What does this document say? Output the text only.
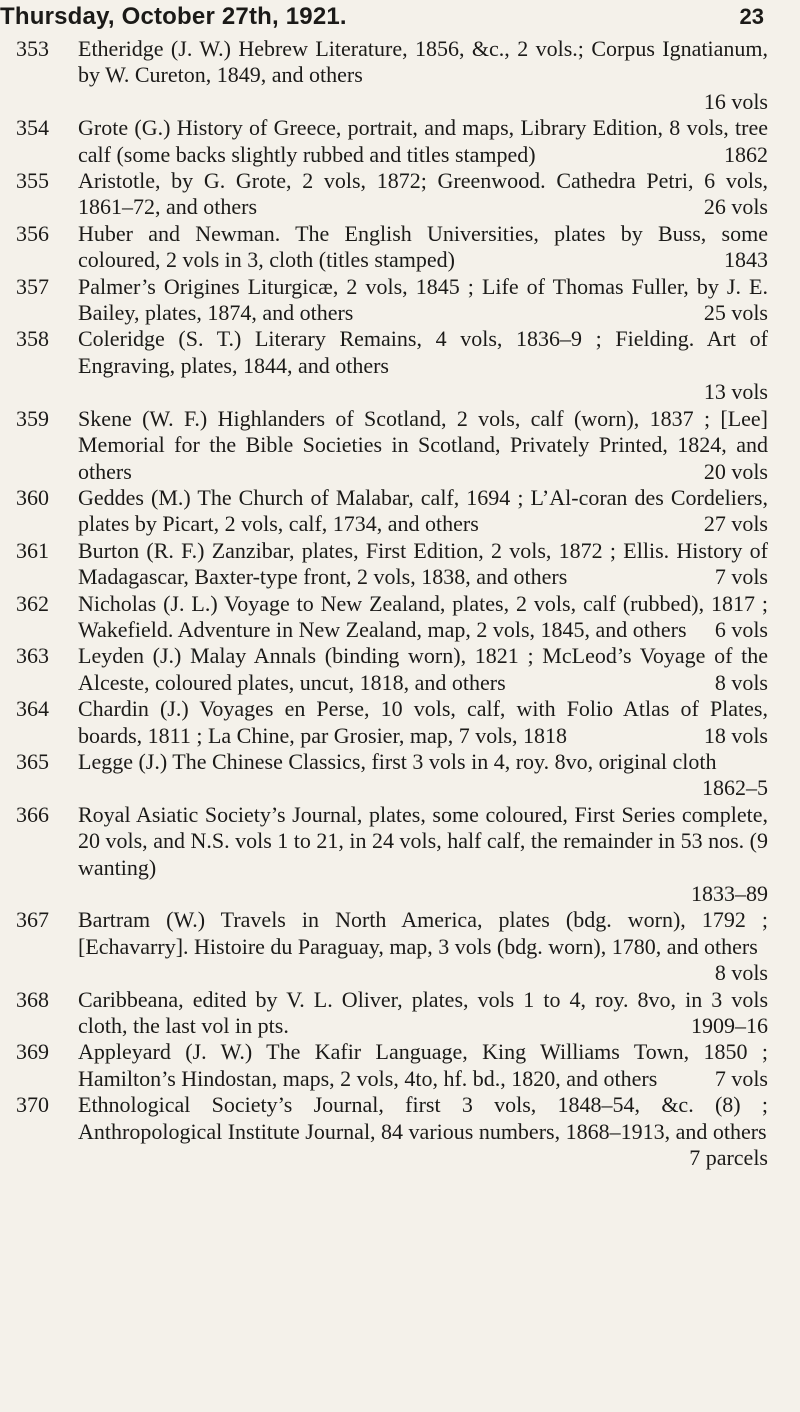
Thursday, October 27th, 1921.	23
353 Etheridge (J. W.) Hebrew Literature, 1856, &c., 2 vols.; Corpus Ignatianum, by W. Cureton, 1849, and others
16 vols
354 Grote (G.) History of Greece, portrait, and maps, Library Edition, 8 vols, tree calf (some backs slightly rubbed and titles stamped)	1862
355 Aristotle, by G. Grote, 2 vols, 1872; Greenwood. Cathedra Petri, 6 vols, 1861–72, and others	26 vols
356 Huber and Newman. The English Universities, plates by Buss, some coloured, 2 vols in 3, cloth (titles stamped)	1843
357 Palmer’s Origines Liturgicæ, 2 vols, 1845 ; Life of Thomas Fuller, by J. E. Bailey, plates, 1874, and others	25 vols
358 Coleridge (S. T.) Literary Remains, 4 vols, 1836–9 ; Fielding. Art of Engraving, plates, 1844, and others
13 vols
359 Skene (W. F.) Highlanders of Scotland, 2 vols, calf (worn), 1837 ; [Lee] Memorial for the Bible Societies in Scotland, Privately Printed, 1824, and others	20 vols
360 Geddes (M.) The Church of Malabar, calf, 1694 ; L’Al-coran des Cordeliers, plates by Picart, 2 vols, calf, 1734, and others	27 vols
361 Burton (R. F.) Zanzibar, plates, First Edition, 2 vols, 1872 ; Ellis. History of Madagascar, Baxter-type front, 2 vols, 1838, and others	7 vols
362 Nicholas (J. L.) Voyage to New Zealand, plates, 2 vols, calf (rubbed), 1817 ; Wakefield. Adventure in New Zealand, map, 2 vols, 1845, and others 6 vols
363 Leyden (J.) Malay Annals (binding worn), 1821 ; McLeod’s Voyage of the Alceste, coloured plates, uncut, 1818, and others	8 vols
364 Chardin (J.) Voyages en Perse, 10 vols, calf, with Folio Atlas of Plates, boards, 1811 ; La Chine, par Grosier, map, 7 vols, 1818	18 vols
365 Legge (J.) The Chinese Classics, first 3 vols in 4, roy. 8vo, original cloth
1862–5
366 Royal Asiatic Society’s Journal, plates, some coloured, First Series complete, 20 vols, and N.S. vols 1 to 21, in 24 vols, half calf, the remainder in 53 nos. (9 wanting)
1833–89
367 Bartram (W.) Travels in North America, plates (bdg. worn), 1792 ; [Echavarry]. Histoire du Paraguay, map, 3 vols (bdg. worn), 1780, and others
8 vols
368 Caribbeana, edited by V. L. Oliver, plates, vols 1 to 4, roy. 8vo, in 3 vols cloth, the last vol in pts.	1909–16
369 Appleyard (J. W.) The Kafir Language, King Williams Town, 1850 ; Hamilton’s Hindostan, maps, 2 vols, 4to, hf. bd., 1820, and others	7 vols
370 Ethnological Society’s Journal, first 3 vols, 1848–54, &c. (8) ; Anthropological Institute Journal, 84 various numbers, 1868–1913, and others
7 parcels
